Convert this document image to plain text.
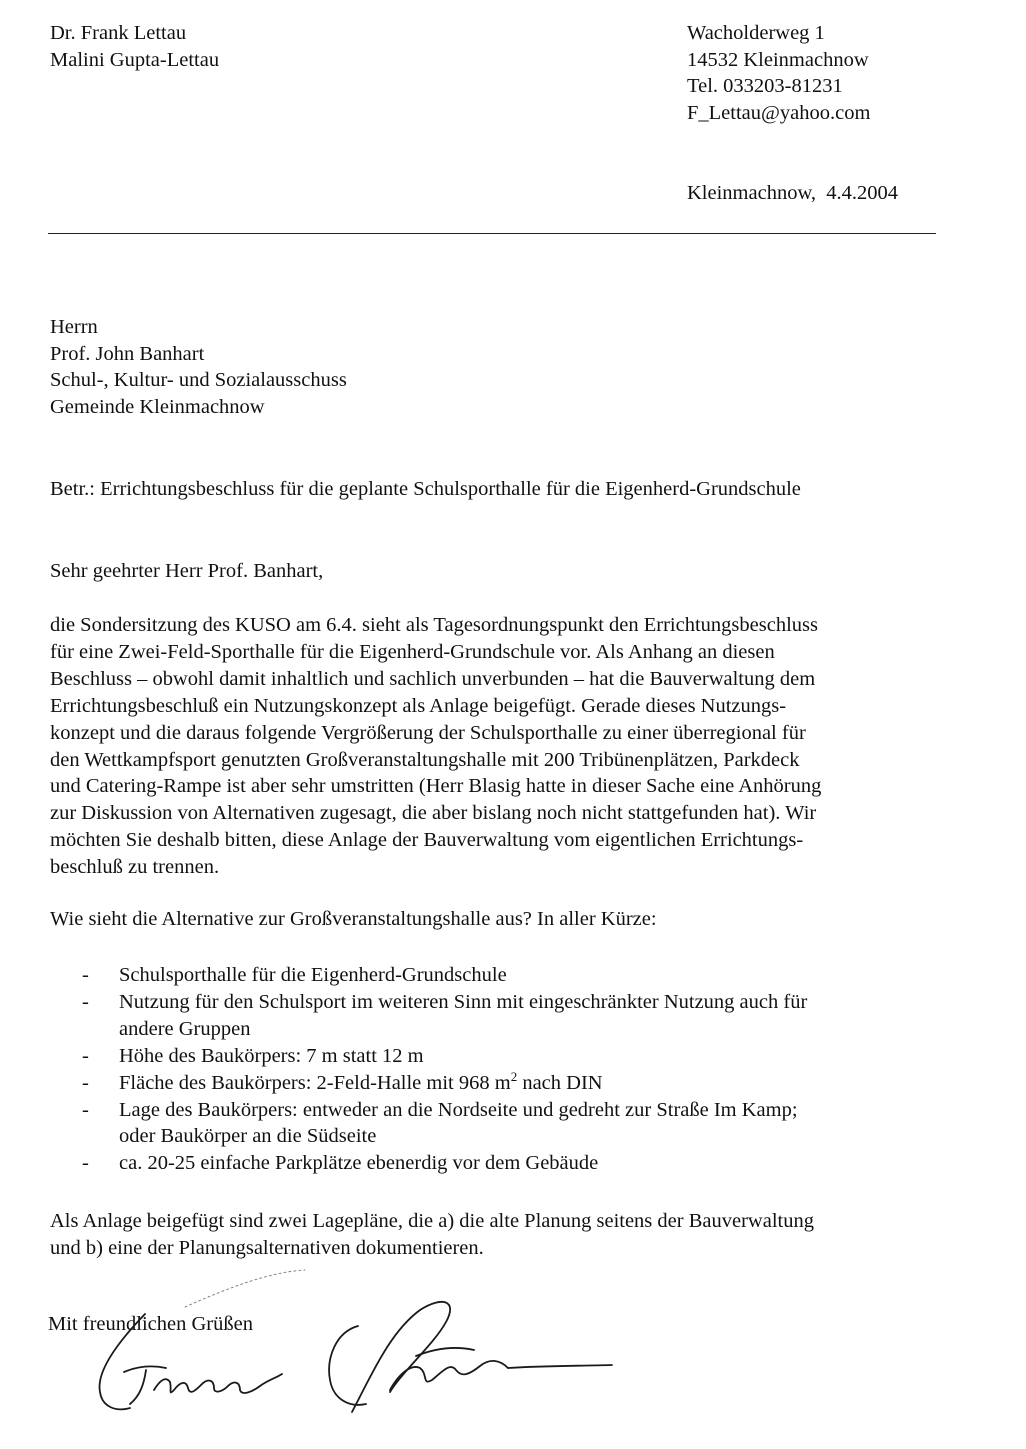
Dr. Frank Lettau
Malini Gupta-Lettau
Wacholderweg 1
14532 Kleinmachnow
Tel. 033203-81231
F_Lettau@yahoo.com
Kleinmachnow,  4.4.2004
Herrn
Prof. John Banhart
Schul-, Kultur- und Sozialausschuss
Gemeinde Kleinmachnow
Betr.: Errichtungsbeschluss für die geplante Schulsporthalle für die Eigenherd-Grundschule
Sehr geehrter Herr Prof. Banhart,
die Sondersitzung des KUSO am 6.4. sieht als Tagesordnungspunkt den Errichtungsbeschluss
für eine Zwei-Feld-Sporthalle für die Eigenherd-Grundschule vor. Als Anhang an diesen
Beschluss – obwohl damit inhaltlich und sachlich unverbunden – hat die Bauverwaltung dem
Errichtungsbeschluß ein Nutzungskonzept als Anlage beigefügt. Gerade dieses Nutzungs-
konzept und die daraus folgende Vergrößerung der Schulsporthalle zu einer überregional für
den Wettkampfsport genutzten Großveranstaltungshalle mit 200 Tribünenplätzen, Parkdeck
und Catering-Rampe ist aber sehr umstritten (Herr Blasig hatte in dieser Sache eine Anhörung
zur Diskussion von Alternativen zugesagt, die aber bislang noch nicht stattgefunden hat). Wir
möchten Sie deshalb bitten, diese Anlage der Bauverwaltung vom eigentlichen Errichtungs-
beschluß zu trennen.
Wie sieht die Alternative zur Großveranstaltungshalle aus? In aller Kürze:
- Schulsporthalle für die Eigenherd-Grundschule
- Nutzung für den Schulsport im weiteren Sinn mit eingeschränkter Nutzung auch für
andere Gruppen
- Höhe des Baukörpers: 7 m statt 12 m
- Fläche des Baukörpers: 2-Feld-Halle mit 968 $m^2$ nach DIN
- Lage des Baukörpers: entweder an die Nordseite und gedreht zur Straße Im Kamp;
oder Baukörper an die Südseite
- ca. 20-25 einfache Parkplätze ebenerdig vor dem Gebäude
Als Anlage beigefügt sind zwei Lagepläne, die a) die alte Planung seitens der Bauverwaltung
und b) eine der Planungsalternativen dokumentieren.
Mit freundlichen Grüßen
